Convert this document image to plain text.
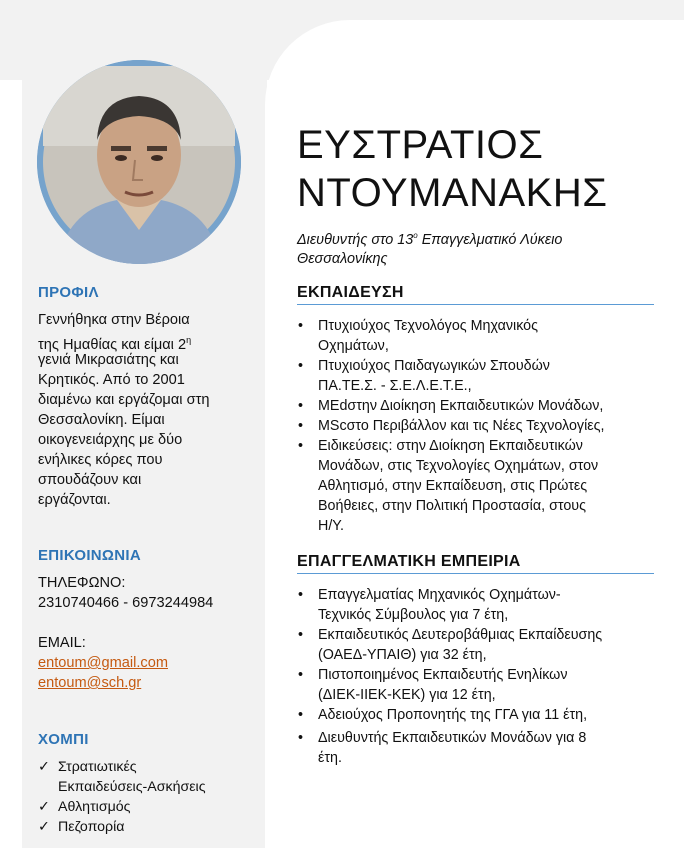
ΠΡΟΦΙΛ
Γεννήθηκα στην Βέροια
της Ημαθίας και είμαι $2^\eta$
γενιά Μικρασιάτης και
Κρητικός. Από το 2001
διαμένω και εργάζομαι στη
Θεσσαλονίκη. Είμαι
οικογενειάρχης με δύο
ενήλικες κόρες που
σπουδάζουν και
εργάζονται.
ΕΠΙΚΟΙΝΩΝΙΑ
ΤΗΛΕΦΩΝΟ:
2310740466 - 6973244984
EMAIL:
entoum@gmail.com
entoum@sch.gr
ΧΟΜΠΙ
✓ Στρατιωτικές
Εκπαιδεύσεις-Ασκήσεις
✓ Αθλητισμός
✓ Πεζοπορία
ΕΥΣΤΡΑΤΙΟΣ
ΝΤΟΥΜΑΝΑΚΗΣ
Διευθυντής στο $13^o$ Επαγγελματικό Λύκειο
Θεσσαλονίκης
ΕΚΠΑΙΔΕΥΣΗ
• Πτυχιούχος Τεχνολόγος Μηχανικός
Οχημάτων,
• Πτυχιούχος Παιδαγωγικών Σπουδών
ΠΑ.ΤΕ.Σ. - Σ.Ε.Λ.Ε.Τ.Ε.,
• ΜΕdστην Διοίκηση Εκπαιδευτικών Μονάδων,
• MScστο Περιβάλλον και τις Νέες Τεχνολογίες,
• Ειδικεύσεις: στην Διοίκηση Εκπαιδευτικών
Μονάδων, στις Τεχνολογίες Οχημάτων, στον
Αθλητισμό, στην Εκπαίδευση, στις Πρώτες
Βοήθειες, στην Πολιτική Προστασία, στους
Η/Υ.
ΕΠΑΓΓΕΛΜΑΤΙΚΗ ΕΜΠΕΙΡΙΑ
• Επαγγελματίας Μηχανικός Οχημάτων-
Τεχνικός Σύμβουλος για 7 έτη,
• Εκπαιδευτικός Δευτεροβάθμιας Εκπαίδευσης
(ΟΑΕΔ-ΥΠΑΙΘ) για 32 έτη,
• Πιστοποιημένος Εκπαιδευτής Ενηλίκων
(ΔΙΕΚ-ΙΙΕΚ-ΚΕΚ) για 12 έτη,
• Αδειούχος Προπονητής της ΓΓΑ για 11 έτη,
• Διευθυντής Εκπαιδευτικών Μονάδων για 8
έτη.
